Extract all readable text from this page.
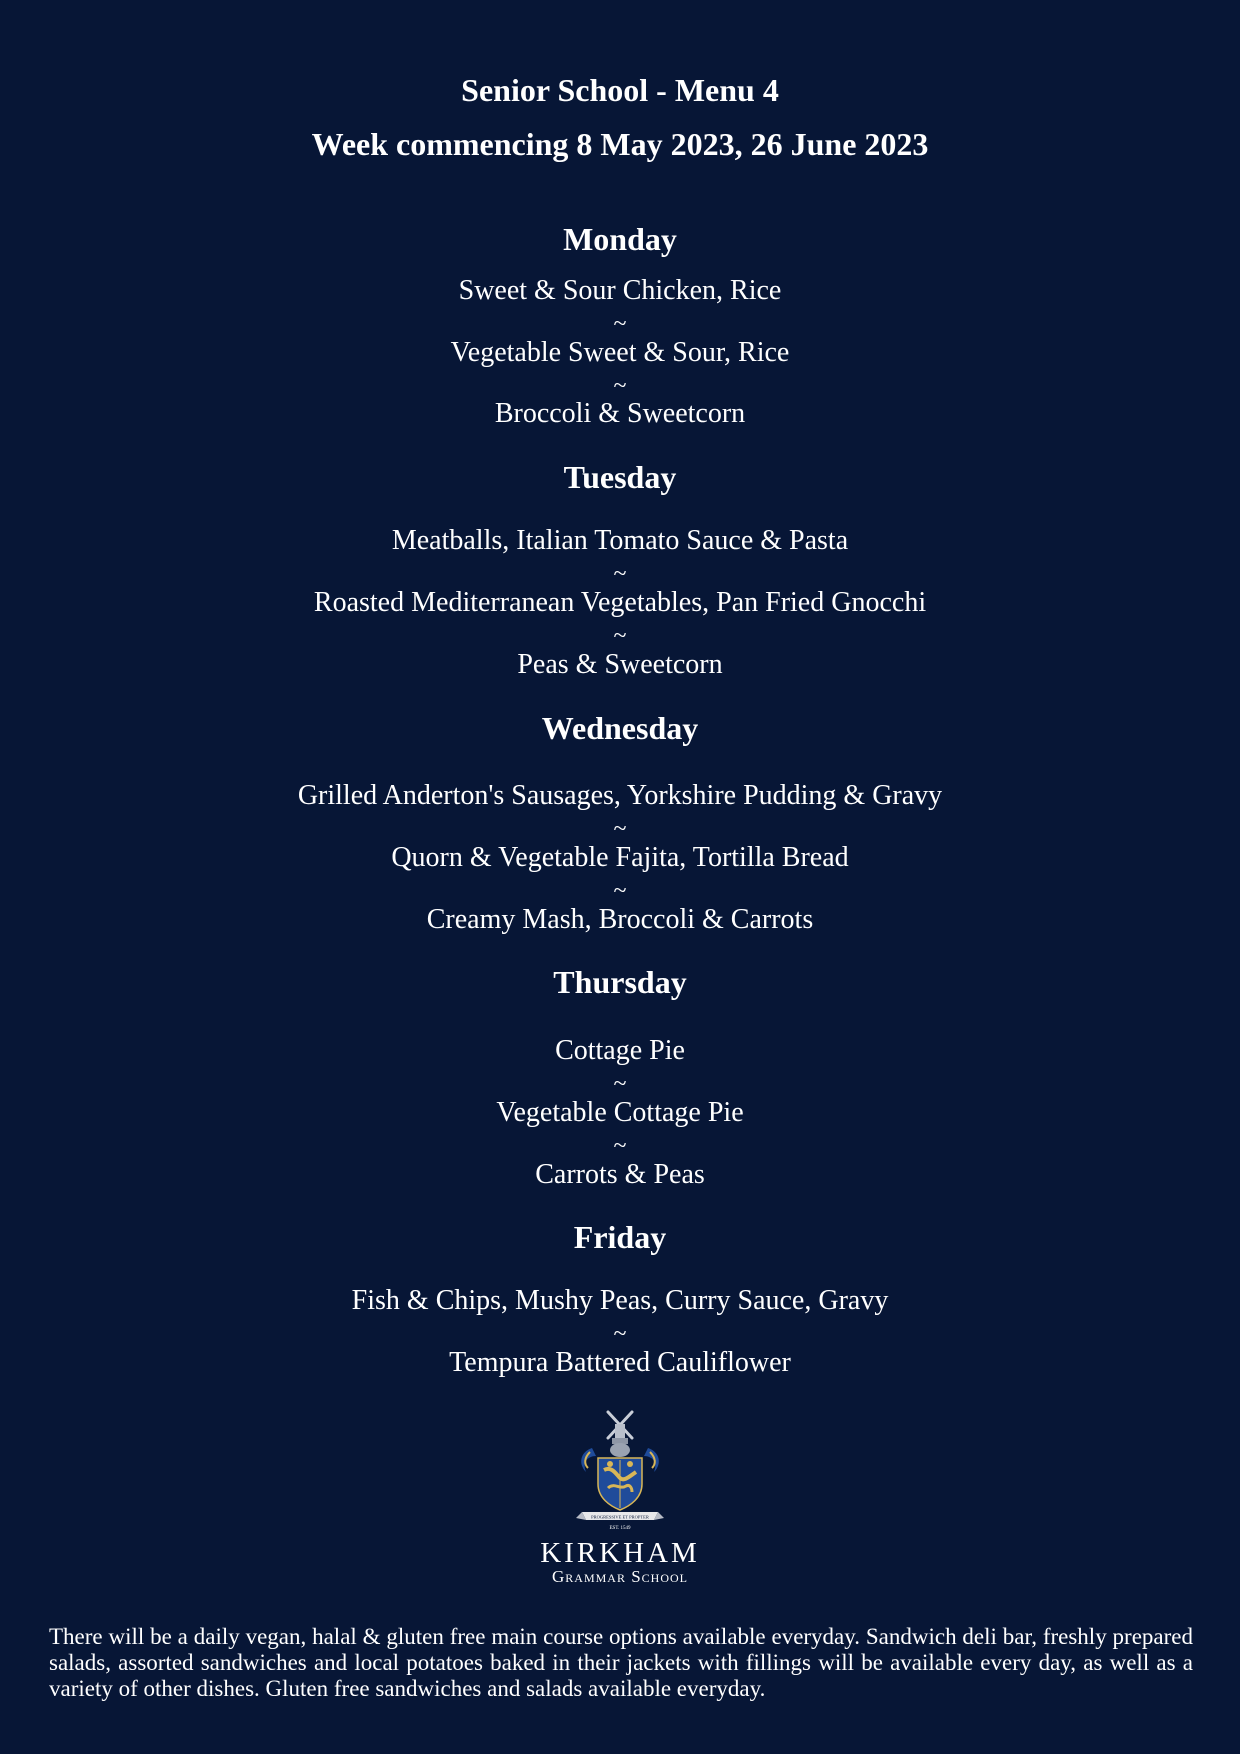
Senior School - Menu 4
Week commencing 8 May 2023, 26 June 2023
Monday
Sweet & Sour Chicken, Rice
~
Vegetable Sweet & Sour, Rice
~
Broccoli & Sweetcorn
Tuesday
Meatballs, Italian Tomato Sauce & Pasta
~
Roasted Mediterranean Vegetables, Pan Fried Gnocchi
~
Peas & Sweetcorn
Wednesday
Grilled Anderton's Sausages, Yorkshire Pudding & Gravy
~
Quorn & Vegetable Fajita, Tortilla Bread
~
Creamy Mash, Broccoli & Carrots
Thursday
Cottage Pie
~
Vegetable Cottage Pie
~
Carrots & Peas
Friday
Fish & Chips, Mushy Peas, Curry Sauce, Gravy
~
Tempura Battered Cauliflower
PROGRESSIVE ET PROPTER
EST. 1549
KIRKHAM
Grammar School
There will be a daily vegan, halal & gluten free main course options available everyday. Sandwich deli bar, freshly prepared salads, assorted sandwiches and local potatoes baked in their jackets with fillings will be available every day, as well as a variety of other dishes. Gluten free sandwiches and salads available everyday.
